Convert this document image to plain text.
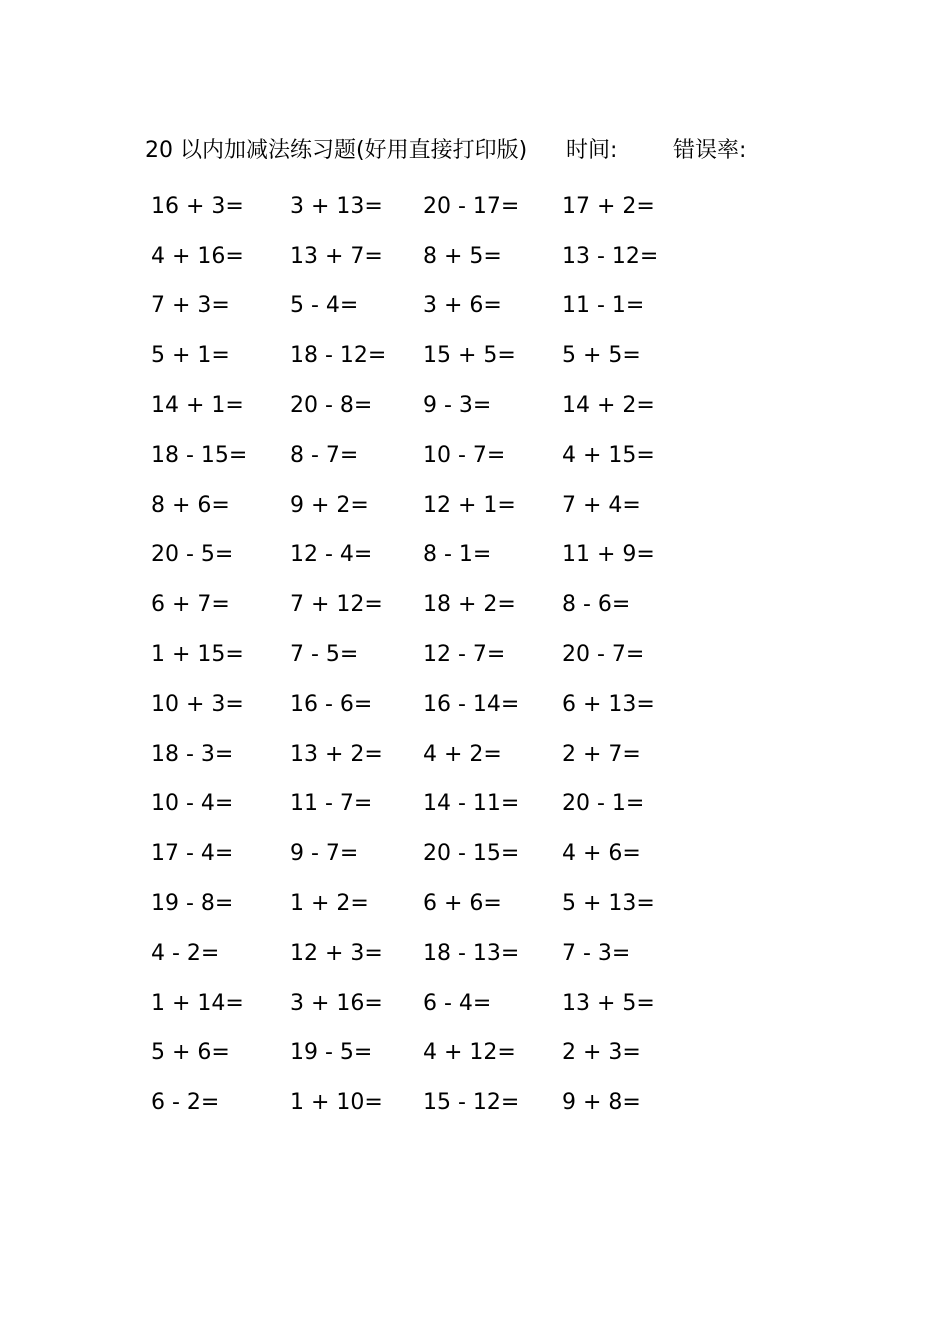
20 以内加减法练习题(好用直接打印版) 时间:	错误率:
16 + 3=	3 + 13=	20 - 17=	17 + 2=
4 + 16=	13 + 7=	8 + 5=	13 - 12=
7 + 3=	5 - 4=	3 + 6=	11 - 1=
5 + 1=	18 - 12=	15 + 5=	5 + 5=
14 + 1=	20 - 8=	9 - 3=	14 + 2=
18 - 15=	8 - 7=	10 - 7=	4 + 15=
8 + 6=	9 + 2=	12 + 1=	7 + 4=
20 - 5=	12 - 4=	8 - 1=	11 + 9=
6 + 7=	7 + 12=	18 + 2=	8 - 6=
1 + 15=	7 - 5=	12 - 7=	20 - 7=
10 + 3=	16 - 6=	16 - 14=	6 + 13=
18 - 3=	13 + 2=	4 + 2=	2 + 7=
10 - 4=	11 - 7=	14 - 11=	20 - 1=
17 - 4=	9 - 7=	20 - 15=	4 + 6=
19 - 8=	1 + 2=	6 + 6=	5 + 13=
4 - 2=	12 + 3=	18 - 13=	7 - 3=
1 + 14=	3 + 16=	6 - 4=	13 + 5=
5 + 6=	19 - 5=	4 + 12=	2 + 3=
6 - 2=	1 + 10=	15 - 12=	9 + 8=
